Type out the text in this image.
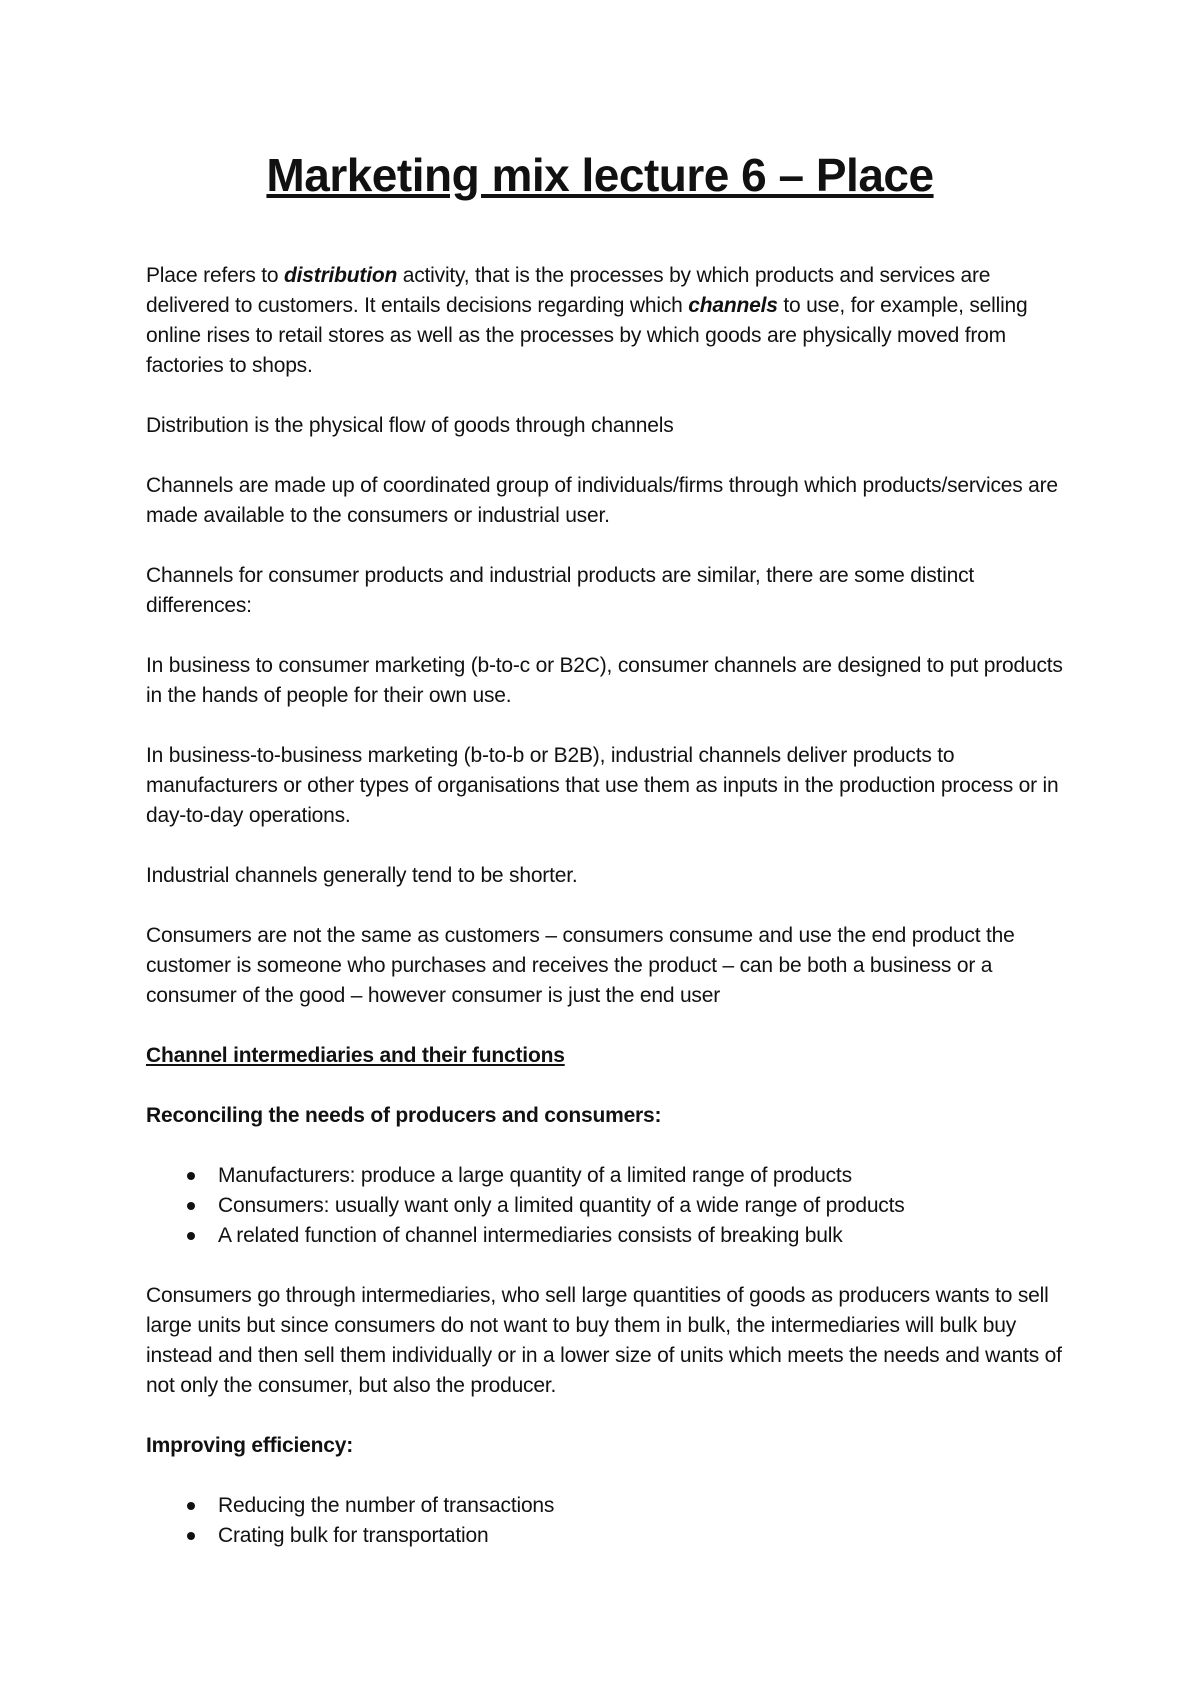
Marketing mix lecture 6 – Place

Place refers to distribution activity, that is the processes by which products and services are delivered to customers. It entails decisions regarding which channels to use, for example, selling online rises to retail stores as well as the processes by which goods are physically moved from factories to shops.

Distribution is the physical flow of goods through channels

Channels are made up of coordinated group of individuals/firms through which products/services are made available to the consumers or industrial user.

Channels for consumer products and industrial products are similar, there are some distinct differences:

In business to consumer marketing (b-to-c or B2C), consumer channels are designed to put products in the hands of people for their own use.

In business-to-business marketing (b-to-b or B2B), industrial channels deliver products to manufacturers or other types of organisations that use them as inputs in the production process or in day-to-day operations.

Industrial channels generally tend to be shorter.

Consumers are not the same as customers – consumers consume and use the end product the customer is someone who purchases and receives the product – can be both a business or a consumer of the good – however consumer is just the end user

Channel intermediaries and their functions

Reconciling the needs of producers and consumers:

Manufacturers: produce a large quantity of a limited range of products
Consumers: usually want only a limited quantity of a wide range of products
A related function of channel intermediaries consists of breaking bulk

Consumers go through intermediaries, who sell large quantities of goods as producers wants to sell large units but since consumers do not want to buy them in bulk, the intermediaries will bulk buy instead and then sell them individually or in a lower size of units which meets the needs and wants of not only the consumer, but also the producer.

Improving efficiency:

Reducing the number of transactions
Crating bulk for transportation
